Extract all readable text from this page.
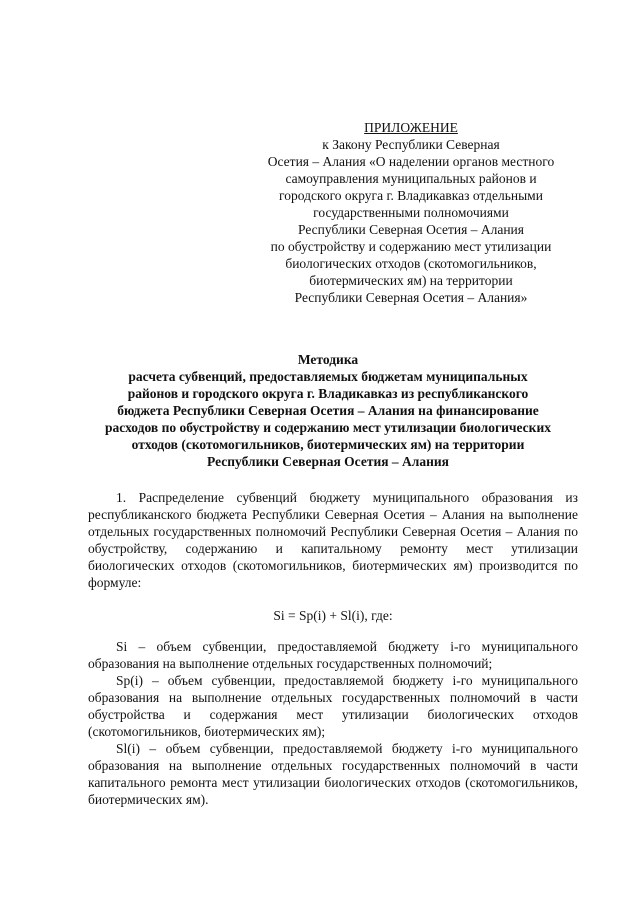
ПРИЛОЖЕНИЕ
к Закону Республики Северная
Осетия – Алания «О наделении органов местного
самоуправления муниципальных районов и
городского округа г. Владикавказ отдельными
государственными полномочиями
Республики Северная Осетия – Алания
по обустройству и содержанию мест утилизации
биологических отходов (скотомогильников,
биотермических ям) на территории
Республики Северная Осетия – Алания»
Методика
расчета субвенций, предоставляемых бюджетам муниципальных
районов и городского округа г. Владикавказ из республиканского
бюджета Республики Северная Осетия – Алания на финансирование
расходов по обустройству и содержанию мест утилизации биологических
отходов (скотомогильников, биотермических ям) на территории
Республики Северная Осетия – Алания

1. Распределение субвенций бюджету муниципального образования из республиканского бюджета Республики Северная Осетия – Алания на выполнение отдельных государственных полномочий Республики Северная Осетия – Алания по обустройству, содержанию и капитальному ремонту мест утилизации биологических отходов (скотомогильников, биотермических ям) производится по формуле:

Si = Sp(i) + Sl(i), где:

Si – объем субвенции, предоставляемой бюджету i-го муниципального образования на выполнение отдельных государственных полномочий;

Sp(i) – объем субвенции, предоставляемой бюджету i-го муниципального образования на выполнение отдельных государственных полномочий в части обустройства и содержания мест утилизации биологических отходов (скотомогильников, биотермических ям);

Sl(i) – объем субвенции, предоставляемой бюджету i-го муниципального образования на выполнение отдельных государственных полномочий в части капитального ремонта мест утилизации биологических отходов (скотомогильников, биотермических ям).
